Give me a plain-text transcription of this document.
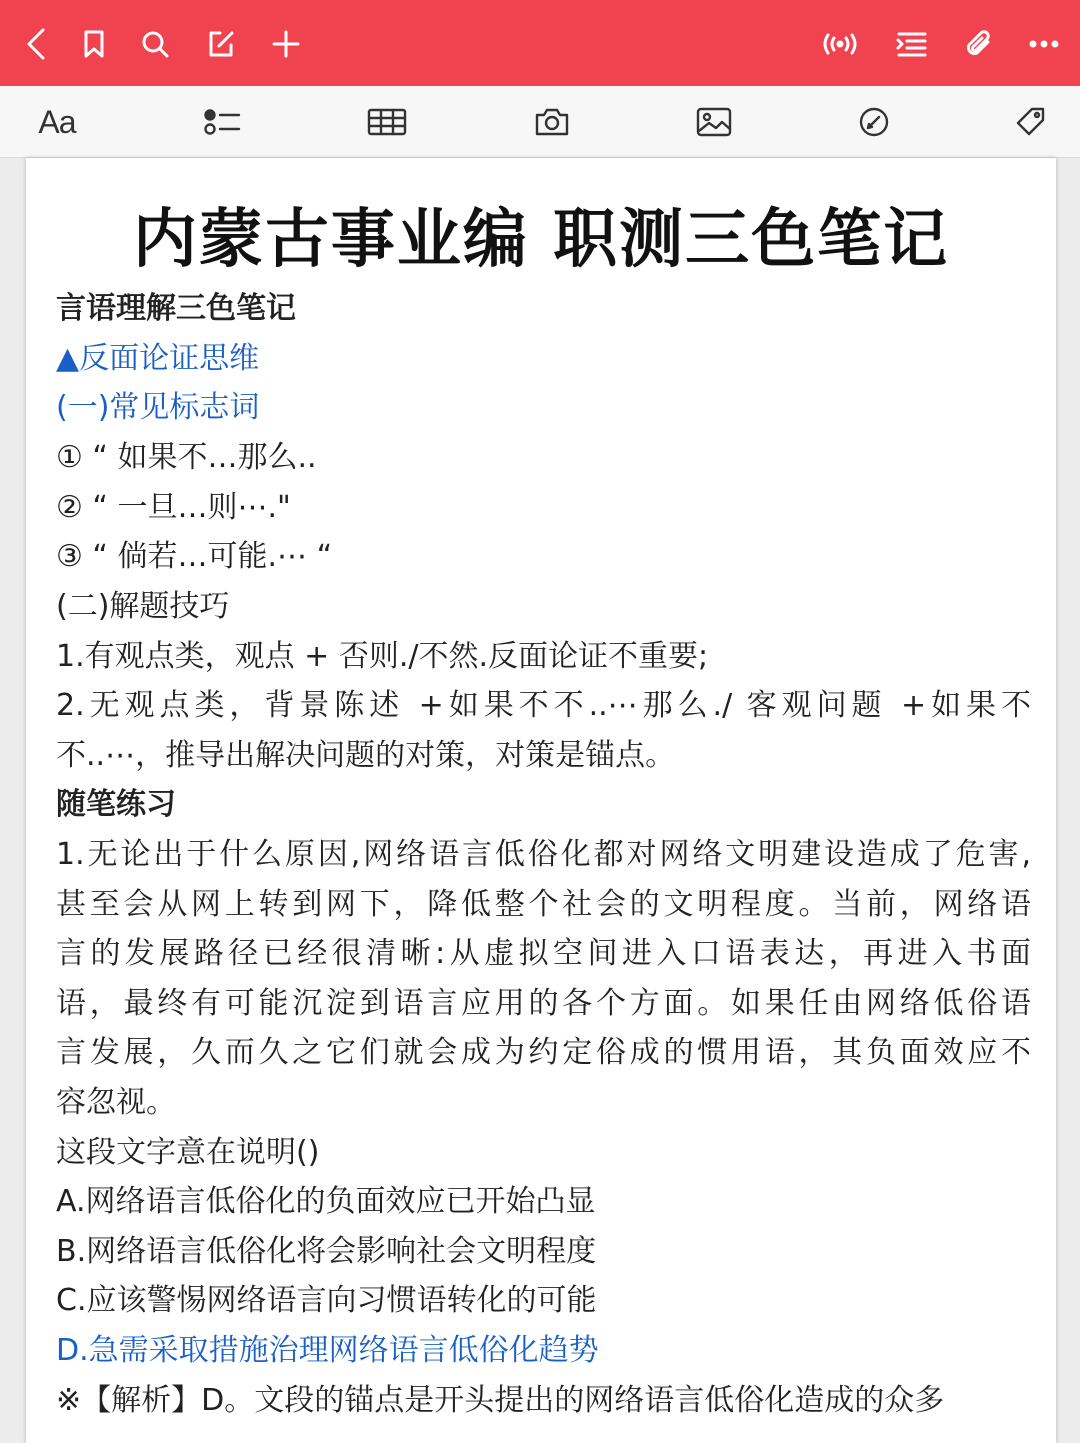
Aa
内蒙古事业编 职测三色笔记
言语理解三色笔记
▲反面论证思维
(一)常见标志词
① “ 如果不…那么..
② “ 一旦…则⋯."
③ “ 倘若…可能.⋯ “
(二)解题技巧
1.有观点类，观点 + 否则./不然.反面论证不重要;
2.无观点类，背景陈述 +如果不不..⋯那么./ 客观问题 +如果不
不..⋯，推导出解决问题的对策，对策是锚点。
随笔练习
1.无论出于什么原因,网络语言低俗化都对网络文明建设造成了危害,
甚至会从网上转到网下，降低整个社会的文明程度。当前，网络语
言的发展路径已经很清晰:从虚拟空间进入口语表达，再进入书面
语，最终有可能沉淀到语言应用的各个方面。如果任由网络低俗语
言发展，久而久之它们就会成为约定俗成的惯用语，其负面效应不
容忽视。
这段文字意在说明()
A.网络语言低俗化的负面效应已开始凸显
B.网络语言低俗化将会影响社会文明程度
C.应该警惕网络语言向习惯语转化的可能
D.急需采取措施治理网络语言低俗化趋势
※【解析】D。文段的锚点是开头提出的网络语言低俗化造成的众多
